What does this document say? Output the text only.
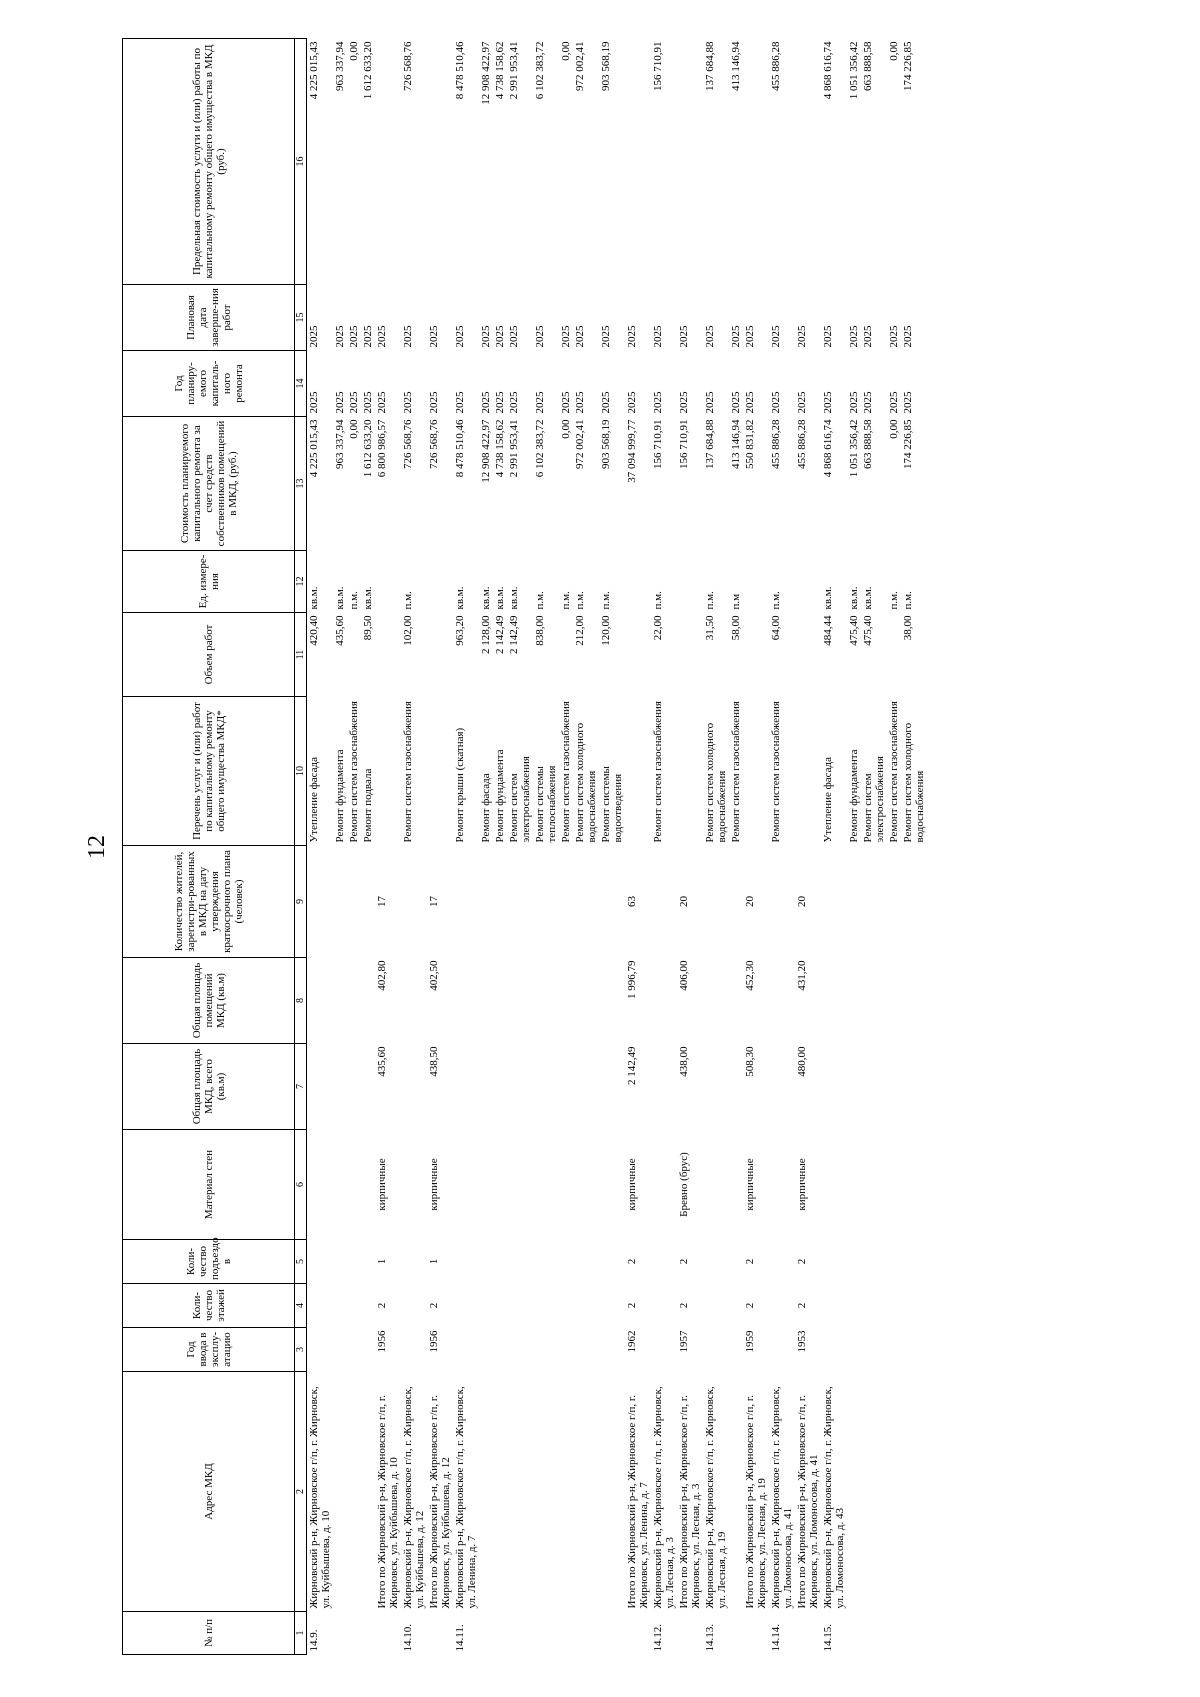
12
№ п/п	Адрес МКД	Год ввода в эксплу-атацию	Коли-чество этажей	Коли-чество подъездо в	Материал стен	Общая площадь МКД, всего (кв.м)	Общая площадь помещений МКД (кв.м)	Количество жителей, зарегистри-рованных в МКД на дату утверждения краткосрочного плана (человек)	Перечень услуг и (или) работ по капитальному ремонту общего имущества МКД*	Объем работ	Ед. измере-ния	Стоимость планируемого капитального ремонта за счет средств собственников помещений в МКД, (руб.)	Год планиру-емого капиталь-ного ремонта	Плановая дата заверше-ния работ	Предельная стоимость услуги и (или) работы по капитальному ремонту общего имущества в МКД (руб.)
1	2	3	4	5	6	7	8	9	10	11	12	13	14	15	16
14.9.	Жирновский р-н, Жирновское г/п, г. Жирновск, ул. Куйбышева, д. 10								Утепление фасада	420,40	кв.м.	4 225 015,43	2025	2025	4 225 015,43
									Ремонт фундамента	435,60	кв.м.	963 337,94	2025	2025	963 337,94
									Ремонт систем газоснабжения		п.м.	0,00	2025	2025	0,00
									Ремонт подвала	89,50	кв.м.	1 612 633,20	2025	2025	1 612 633,20
	Итого по Жирновский р-н, Жирновское г/п, г. Жирновск, ул. Куйбышева, д. 10	1956	2	1	кирпичные	435,60	402,80	17				6 800 986,57	2025	2025	
14.10.	Жирновский р-н, Жирновское г/п, г. Жирновск, ул. Куйбышева, д. 12								Ремонт систем газоснабжения	102,00	п.м.	726 568,76	2025	2025	726 568,76
	Итого по Жирновский р-н, Жирновское г/п, г. Жирновск, ул. Куйбышева, д. 12	1956	2	1	кирпичные	438,50	402,50	17				726 568,76	2025	2025	
14.11.	Жирновский р-н, Жирновское г/п, г. Жирновск, ул. Ленина, д. 7								Ремонт крыши (скатная)	963,20	кв.м.	8 478 510,46	2025	2025	8 478 510,46
									Ремонт фасада	2 128,00	кв.м.	12 908 422,97	2025	2025	12 908 422,97
									Ремонт фундамента	2 142,49	кв.м.	4 738 158,62	2025	2025	4 738 158,62
									Ремонт систем электроснабжения	2 142,49	кв.м.	2 991 953,41	2025	2025	2 991 953,41
									Ремонт системы теплоснабжения	838,00	п.м.	6 102 383,72	2025	2025	6 102 383,72
									Ремонт систем газоснабжения		п.м.	0,00	2025	2025	0,00
									Ремонт систем холодного водоснабжения	212,00	п.м.	972 002,41	2025	2025	972 002,41
									Ремонт системы водоотведения	120,00	п.м.	903 568,19	2025	2025	903 568,19
	Итого по Жирновский р-н, Жирновское г/п, г. Жирновск, ул. Ленина, д. 7	1962	2	2	кирпичные	2 142,49	1 996,79	63				37 094 999,77	2025	2025	
14.12.	Жирновский р-н, Жирновское г/п, г. Жирновск, ул. Лесная, д. 3								Ремонт систем газоснабжения	22,00	п.м.	156 710,91	2025	2025	156 710,91
	Итого по Жирновский р-н, Жирновское г/п, г. Жирновск, ул. Лесная, д. 3	1957	2	2	Бревно (брус)	438,00	406,00	20				156 710,91	2025	2025	
14.13.	Жирновский р-н, Жирновское г/п, г. Жирновск, ул. Лесная, д. 19								Ремонт систем холодного водоснабжения	31,50	п.м.	137 684,88	2025	2025	137 684,88
									Ремонт систем газоснабжения	58,00	п.м	413 146,94	2025	2025	413 146,94
	Итого по Жирновский р-н, Жирновское г/п, г. Жирновск, ул. Лесная, д. 19	1959	2	2	кирпичные	508,30	452,30	20				550 831,82	2025	2025	
14.14.	Жирновский р-н, Жирновское г/п, г. Жирновск, ул. Ломоносова, д. 41								Ремонт систем газоснабжения	64,00	п.м.	455 886,28	2025	2025	455 886,28
	Итого по Жирновский р-н, Жирновское г/п, г. Жирновск, ул. Ломоносова, д. 41	1953	2	2	кирпичные	480,00	431,20	20				455 886,28	2025	2025	
14.15.	Жирновский р-н, Жирновское г/п, г. Жирновск, ул. Ломоносова, д. 43								Утепление фасада	484,44	кв.м.	4 868 616,74	2025	2025	4 868 616,74
									Ремонт фундамента	475,40	кв.м.	1 051 356,42	2025	2025	1 051 356,42
									Ремонт систем электроснабжения	475,40	кв.м.	663 888,58	2025	2025	663 888,58
									Ремонт систем газоснабжения		п.м.	0,00	2025	2025	0,00
									Ремонт систем холодного водоснабжения	38,00	п.м.	174 226,85	2025	2025	174 226,85
